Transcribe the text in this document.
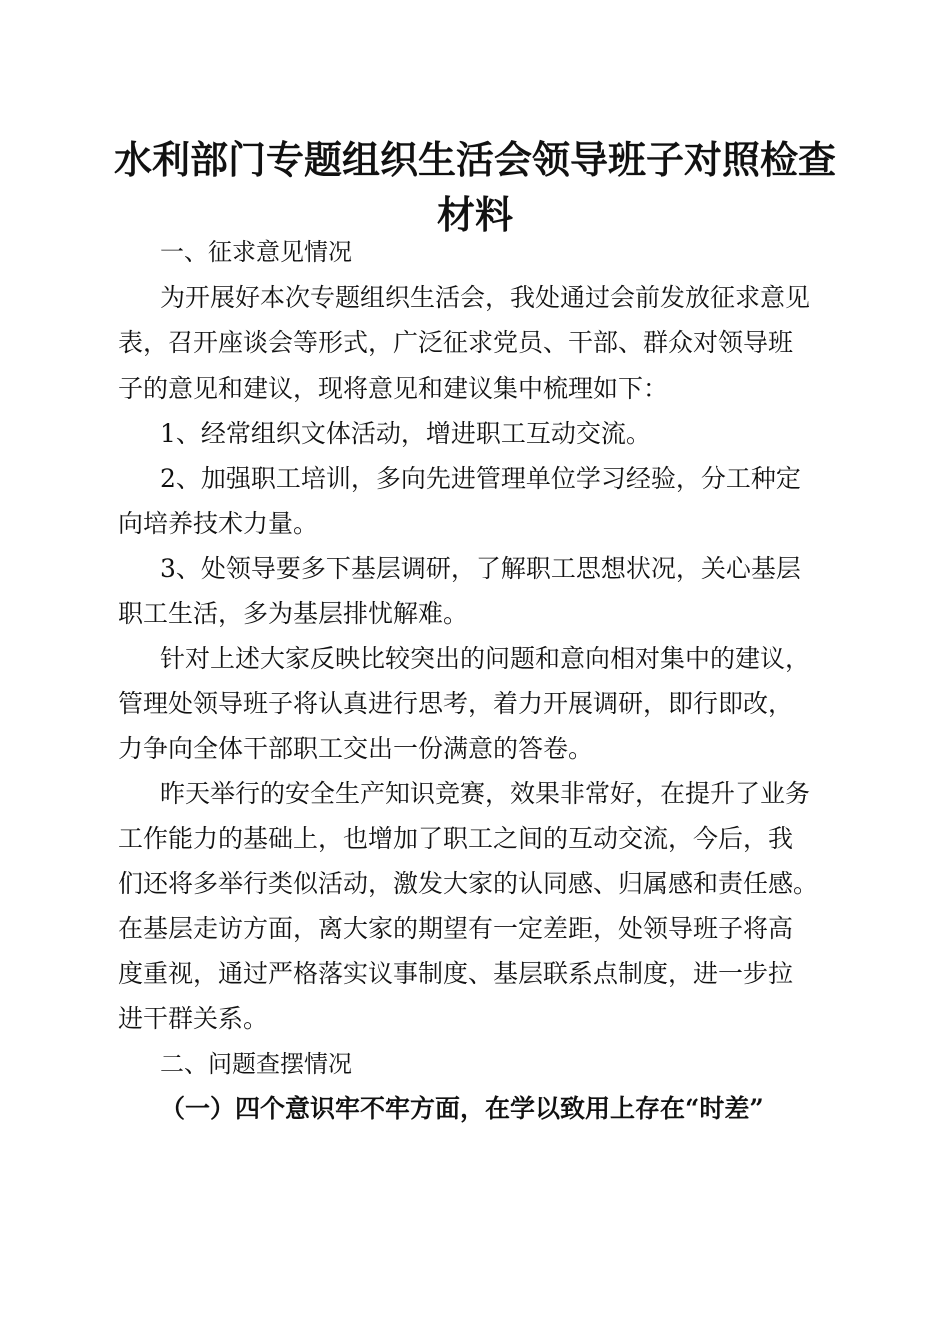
水利部门专题组织生活会领导班子对照检查材料

一、征求意见情况

为开展好本次专题组织生活会，我处通过会前发放征求意见

表，召开座谈会等形式，广泛征求党员、干部、群众对领导班

子的意见和建议，现将意见和建议集中梳理如下：

1、经常组织文体活动，增进职工互动交流。

2、加强职工培训，多向先进管理单位学习经验，分工种定

向培养技术力量。

3、处领导要多下基层调研，了解职工思想状况，关心基层

职工生活，多为基层排忧解难。

针对上述大家反映比较突出的问题和意向相对集中的建议，

管理处领导班子将认真进行思考，着力开展调研，即行即改，

力争向全体干部职工交出一份满意的答卷。

昨天举行的安全生产知识竞赛，效果非常好，在提升了业务

工作能力的基础上，也增加了职工之间的互动交流，今后，我

们还将多举行类似活动，激发大家的认同感、归属感和责任感。

在基层走访方面，离大家的期望有一定差距，处领导班子将高

度重视，通过严格落实议事制度、基层联系点制度，进一步拉

进干群关系。

二、问题查摆情况

（一）四个意识牢不牢方面，在学以致用上存在“时差”
